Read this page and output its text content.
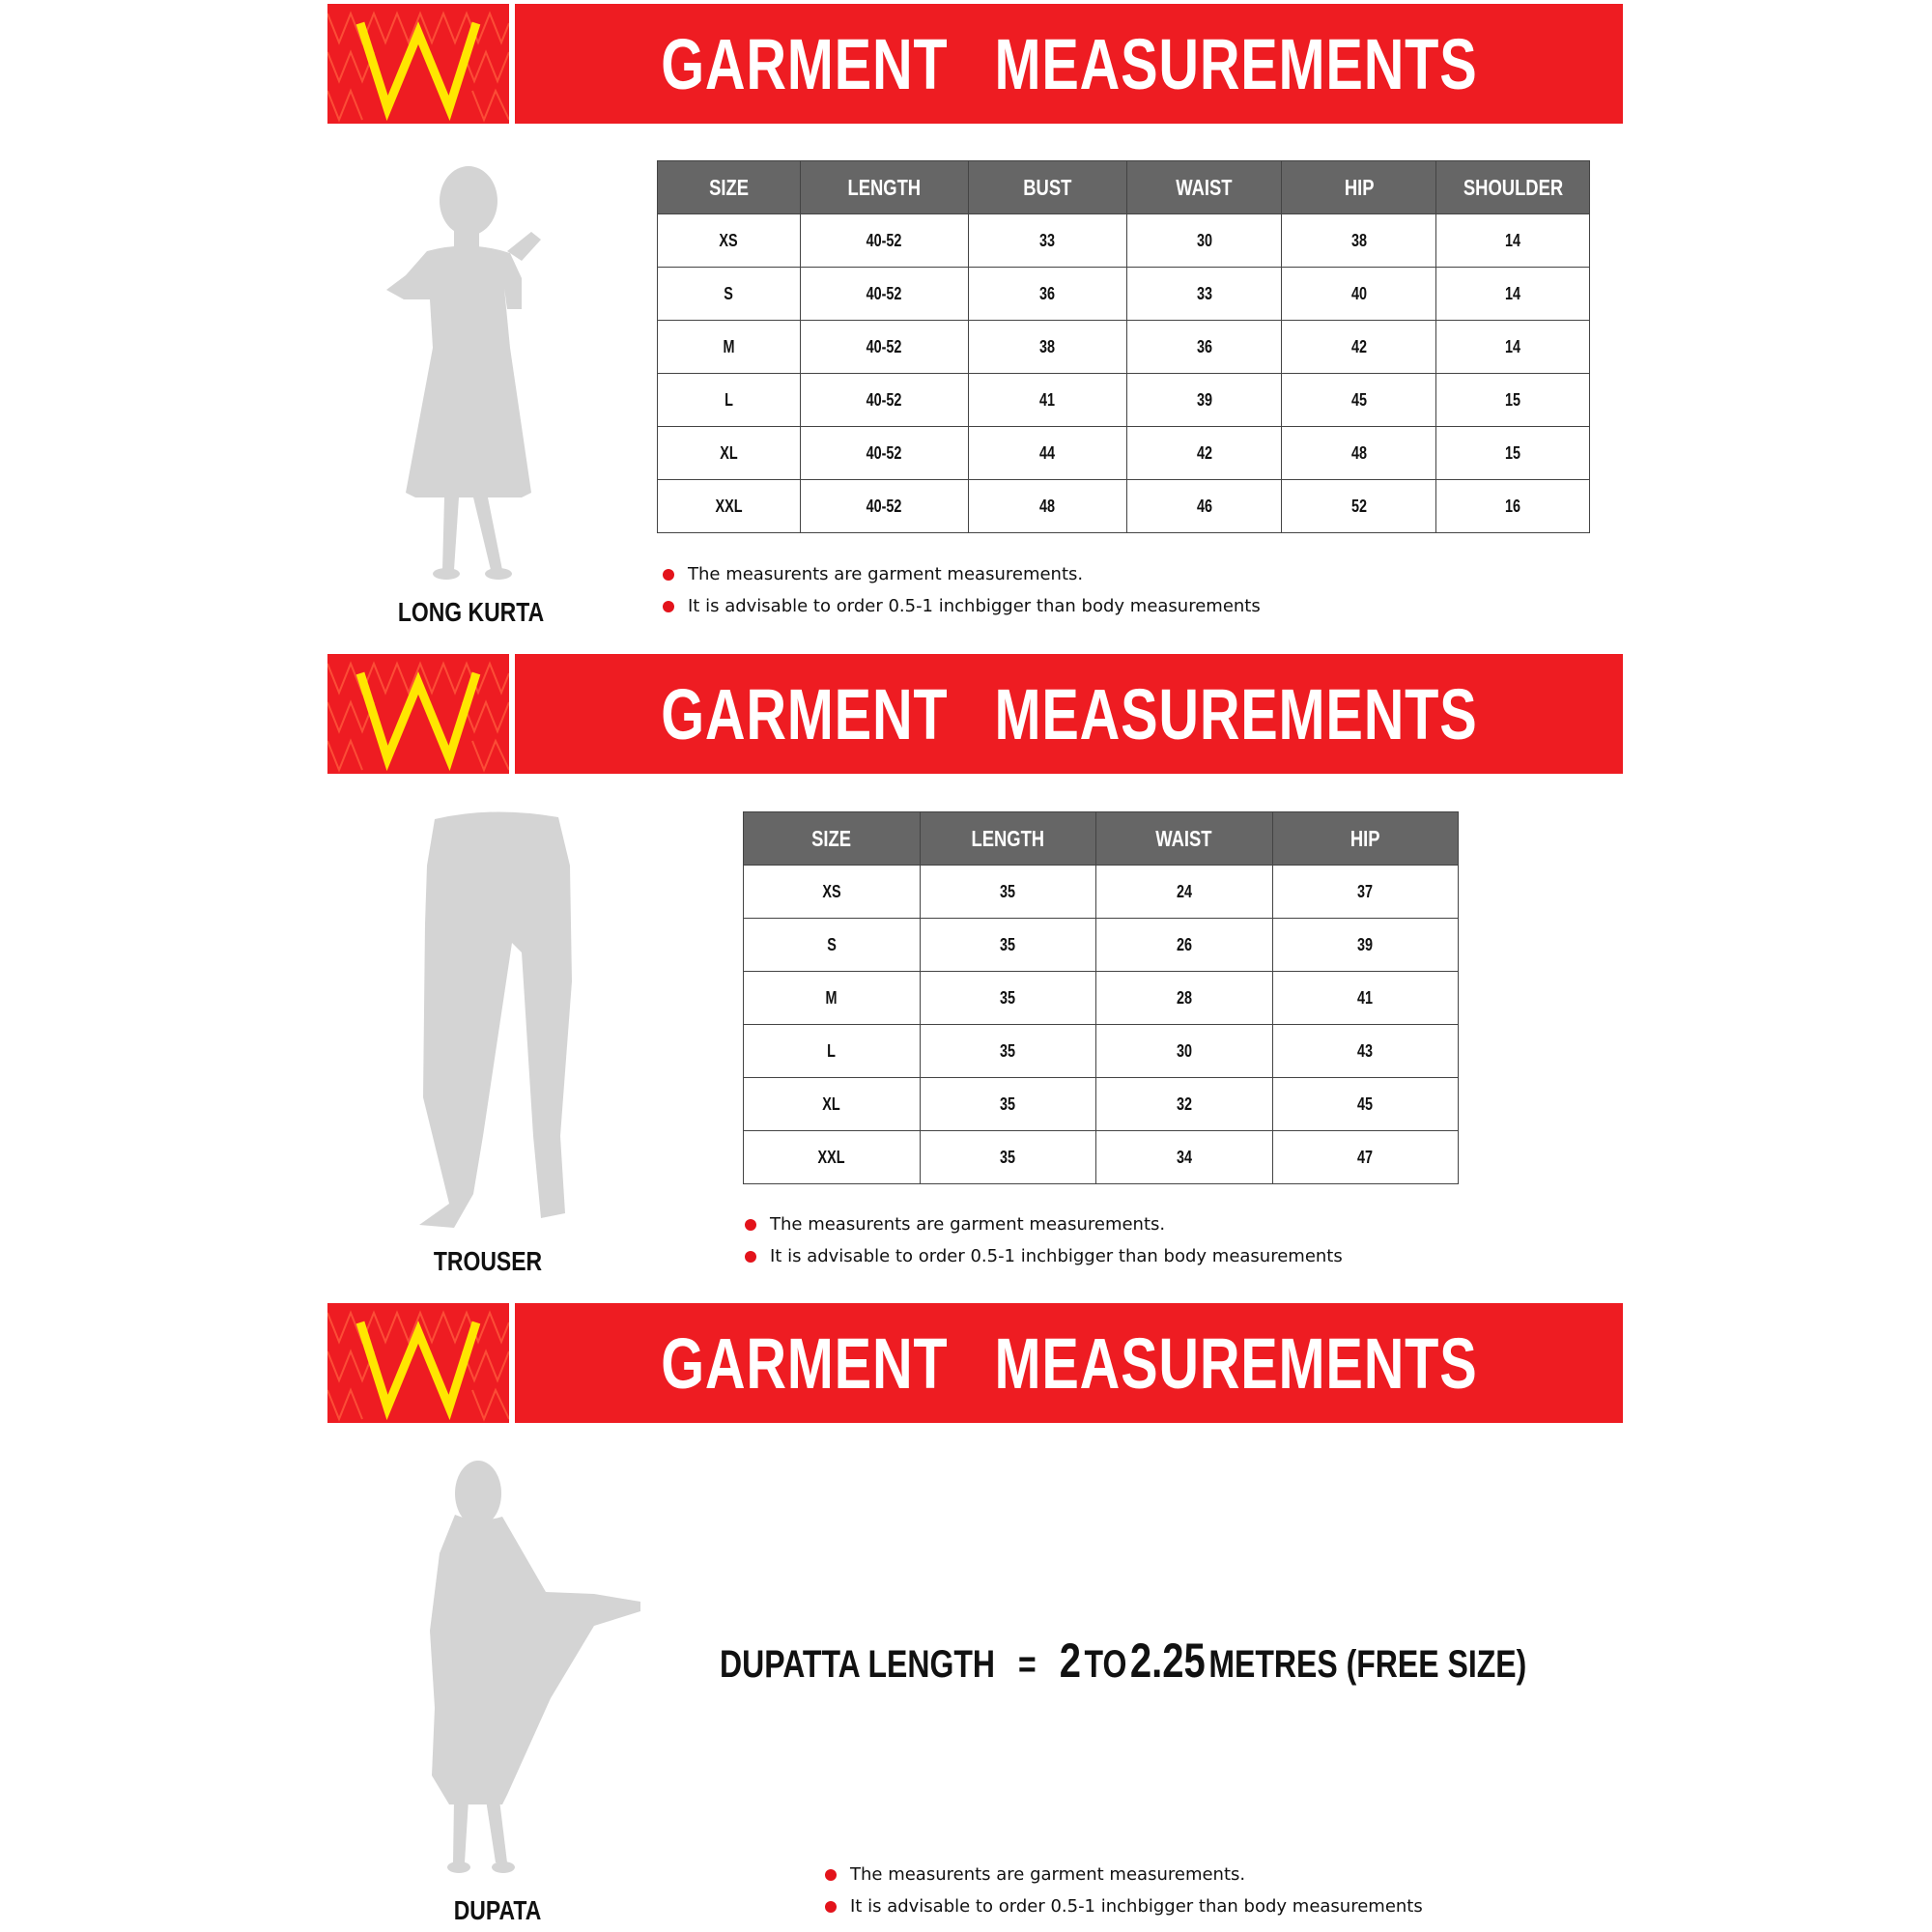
GARMENT MEASUREMENTS
LONG KURTA
SIZE	LENGTH	BUST	WAIST	HIP	SHOULDER
XS	40-52	33	30	38	14
S	40-52	36	33	40	14
M	40-52	38	36	42	14
L	40-52	41	39	45	15
XL	40-52	44	42	48	15
XXL	40-52	48	46	52	16
The measurents are garment measurements.
It is advisable to order 0.5-1 inchbigger than body measurements
GARMENT MEASUREMENTS
TROUSER
SIZE	LENGTH	WAIST	HIP
XS	35	24	37
S	35	26	39
M	35	28	41
L	35	30	43
XL	35	32	45
XXL	35	34	47
The measurents are garment measurements.
It is advisable to order 0.5-1 inchbigger than body measurements
GARMENT MEASUREMENTS
DUPATA
DUPATTA LENGTH = 2 TO 2.25 METRES (FREE SIZE)
The measurents are garment measurements.
It is advisable to order 0.5-1 inchbigger than body measurements
